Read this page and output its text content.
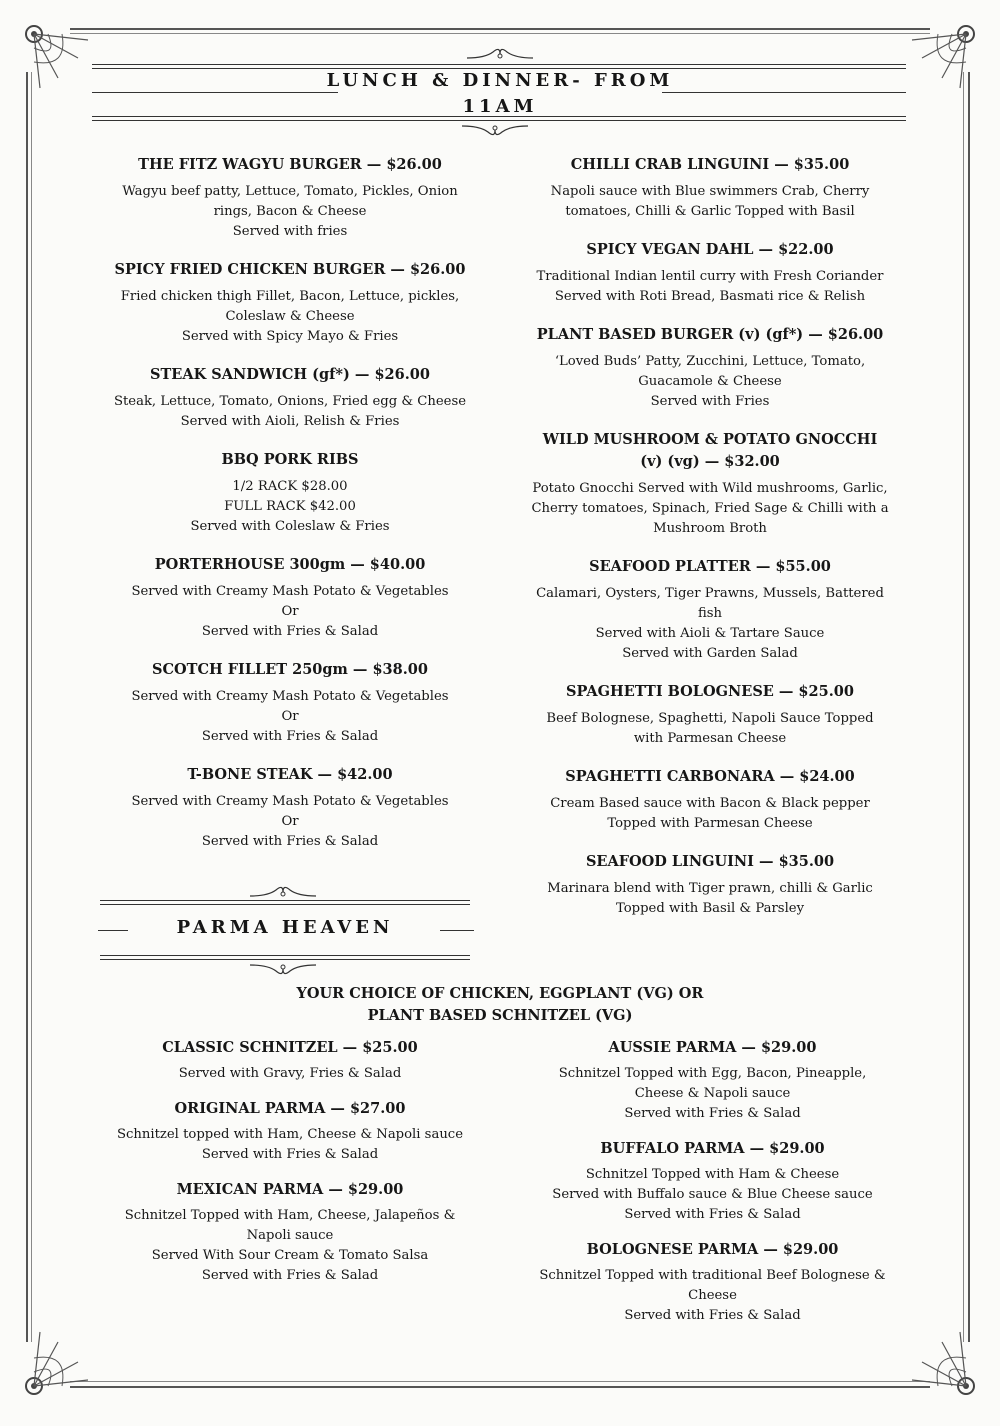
LUNCH & DINNER- FROM
11AM
THE FITZ WAGYU BURGER — $26.00
Wagyu beef patty, Lettuce, Tomato, Pickles, Onion
rings, Bacon & Cheese
Served with fries
SPICY FRIED CHICKEN BURGER — $26.00
Fried chicken thigh Fillet, Bacon, Lettuce, pickles,
Coleslaw & Cheese
Served with Spicy Mayo & Fries
STEAK SANDWICH (gf*) — $26.00
Steak, Lettuce, Tomato, Onions, Fried egg & Cheese
Served with Aioli, Relish & Fries
BBQ PORK RIBS
1/2 RACK $28.00
FULL RACK $42.00
Served with Coleslaw & Fries
PORTERHOUSE 300gm — $40.00
Served with Creamy Mash Potato & Vegetables
Or
Served with Fries & Salad
SCOTCH FILLET 250gm — $38.00
Served with Creamy Mash Potato & Vegetables
Or
Served with Fries & Salad
T-BONE STEAK — $42.00
Served with Creamy Mash Potato & Vegetables
Or
Served with Fries & Salad
CHILLI CRAB LINGUINI — $35.00
Napoli sauce with Blue swimmers Crab, Cherry
tomatoes, Chilli & Garlic Topped with Basil
SPICY VEGAN DAHL — $22.00
Traditional Indian lentil curry with Fresh Coriander
Served with Roti Bread, Basmati rice & Relish
PLANT BASED BURGER (v) (gf*) — $26.00
‘Loved Buds’ Patty, Zucchini, Lettuce, Tomato,
Guacamole & Cheese
Served with Fries
WILD MUSHROOM & POTATO GNOCCHI
(v) (vg) — $32.00
Potato Gnocchi Served with Wild mushrooms, Garlic,
Cherry tomatoes, Spinach, Fried Sage & Chilli with a
Mushroom Broth
SEAFOOD PLATTER — $55.00
Calamari, Oysters, Tiger Prawns, Mussels, Battered
fish
Served with Aioli & Tartare Sauce
Served with Garden Salad
SPAGHETTI BOLOGNESE — $25.00
Beef Bolognese, Spaghetti, Napoli Sauce Topped
with Parmesan Cheese
SPAGHETTI CARBONARA — $24.00
Cream Based sauce with Bacon & Black pepper
Topped with Parmesan Cheese
SEAFOOD LINGUINI — $35.00
Marinara blend with Tiger prawn, chilli & Garlic
Topped with Basil & Parsley
PARMA HEAVEN
YOUR CHOICE OF CHICKEN, EGGPLANT (VG) OR
PLANT BASED SCHNITZEL (VG)
CLASSIC SCHNITZEL — $25.00
Served with Gravy, Fries & Salad
ORIGINAL PARMA — $27.00
Schnitzel topped with Ham, Cheese & Napoli sauce
Served with Fries & Salad
MEXICAN PARMA — $29.00
Schnitzel Topped with Ham, Cheese, Jalapeños &
Napoli sauce
Served With Sour Cream & Tomato Salsa
Served with Fries & Salad
AUSSIE PARMA — $29.00
Schnitzel Topped with Egg, Bacon, Pineapple,
Cheese & Napoli sauce
Served with Fries & Salad
BUFFALO PARMA — $29.00
Schnitzel Topped with Ham & Cheese
Served with Buffalo sauce & Blue Cheese sauce
Served with Fries & Salad
BOLOGNESE PARMA — $29.00
Schnitzel Topped with traditional Beef Bolognese &
Cheese
Served with Fries & Salad
